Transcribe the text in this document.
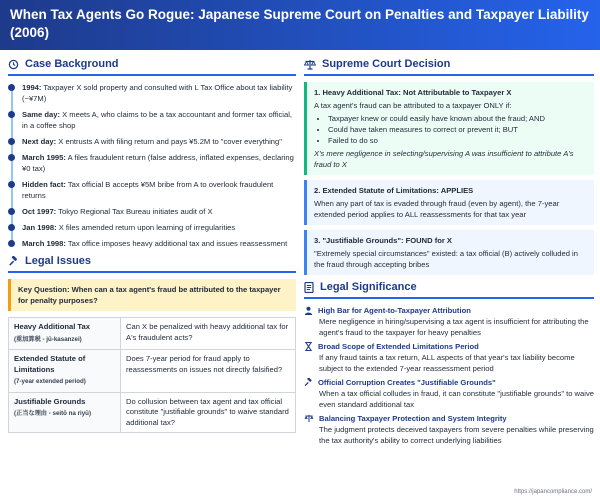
When Tax Agents Go Rogue: Japanese Supreme Court on Penalties and Taxpayer Liability (2006)
Case Background
1994: Taxpayer X sold property and consulted with L Tax Office about tax liability (~¥7M)
Same day: X meets A, who claims to be a tax accountant and former tax official, in a coffee shop
Next day: X entrusts A with filing return and pays ¥5.2M to "cover everything"
March 1995: A files fraudulent return (false address, inflated expenses, declaring ¥0 tax)
Hidden fact: Tax official B accepts ¥5M bribe from A to overlook fraudulent returns
Oct 1997: Tokyo Regional Tax Bureau initiates audit of X
Jan 1998: X files amended return upon learning of irregularities
March 1998: Tax office imposes heavy additional tax and issues reassessment
Legal Issues
Key Question: When can a tax agent's fraud be attributed to the taxpayer for penalty purposes?
Heavy Additional Tax
(重加算税 - jū-kasanzei)	Can X be penalized with heavy additional tax for A's fraudulent acts?

Extended Statute of Limitations
(7-year extended period)	Does 7-year period for fraud apply to reassessments on issues not directly falsified?

Justifiable Grounds
(正当な理由 - seitō na riyū)	Do collusion between tax agent and tax official constitute "justifiable grounds" to waive standard additional tax?
Supreme Court Decision
1. Heavy Additional Tax: Not Attributable to Taxpayer X
A tax agent's fraud can be attributed to a taxpayer ONLY if:
• Taxpayer knew or could easily have known about the fraud; AND
• Could have taken measures to correct or prevent it; BUT
• Failed to do so
X's mere negligence in selecting/supervising A was insufficient to attribute A's fraud to X
2. Extended Statute of Limitations: APPLIES
When any part of tax is evaded through fraud (even by agent), the 7-year extended period applies to ALL reassessments for that tax year
3. "Justifiable Grounds": FOUND for X
"Extremely special circumstances" existed: a tax official (B) actively colluded in the fraud through accepting bribes
Legal Significance
High Bar for Agent-to-Taxpayer Attribution
Mere negligence in hiring/supervising a tax agent is insufficient for attributing the agent's fraud to the taxpayer for heavy penalties
Broad Scope of Extended Limitations Period
If any fraud taints a tax return, ALL aspects of that year's tax liability become subject to the extended 7-year reassessment period
Official Corruption Creates "Justifiable Grounds"
When a tax official colludes in fraud, it can constitute "justifiable grounds" to waive even standard additional tax
Balancing Taxpayer Protection and System Integrity
The judgment protects deceived taxpayers from severe penalties while preserving the tax authority's ability to correct underlying liabilities
https://japancompliance.com/
